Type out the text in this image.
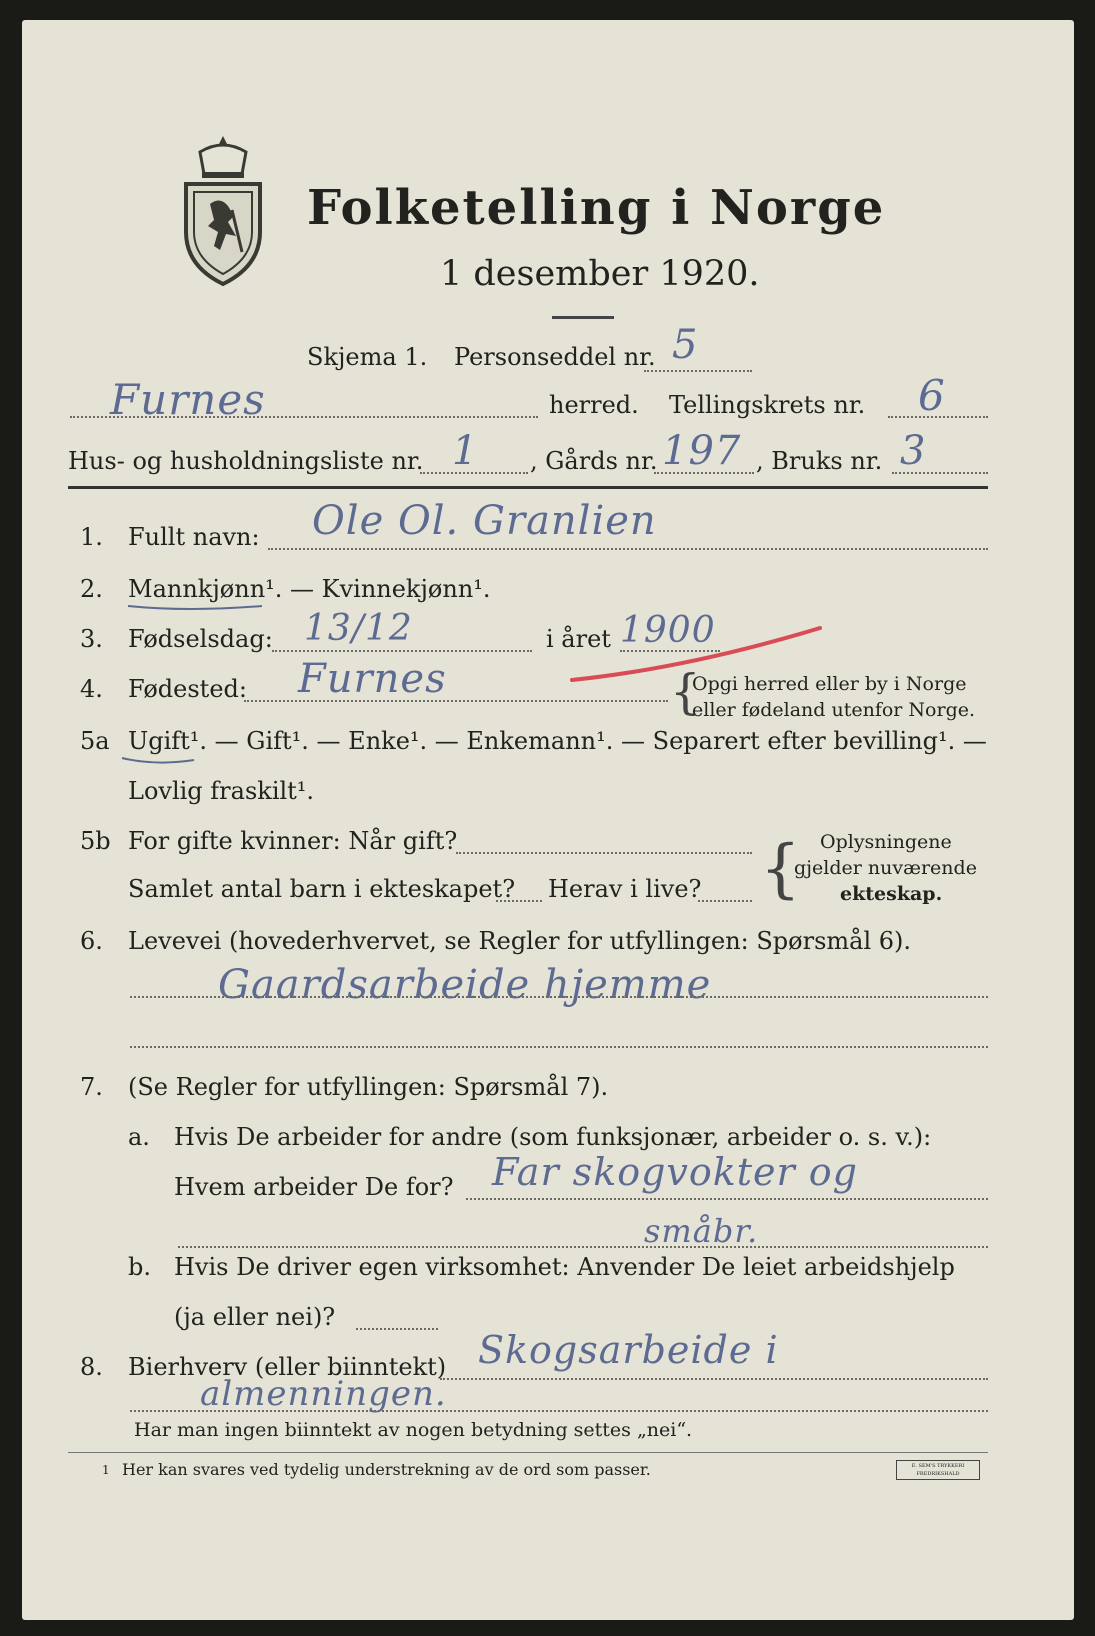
Folketelling i Norge
1 desember 1920.
Skjema 1. Personseddel nr. 5
Furnes	herred. Tellingskrets nr. 6
Hus- og husholdningsliste nr. 1 , Gårds nr. 197 , Bruks nr. 3
1. Fullt navn: Ole Ol. Granlien
2. Mannkjønn¹. — Kvinnekjønn¹.
3. Fødselsdag: 13/12	i året 1900
4. Fødested: Furnes	{
Opgi herred eller by i Norge
eller fødeland utenfor Norge.
5a Ugift¹. — Gift¹. — Enke¹. — Enkemann¹. — Separert efter bevilling¹. —
Lovlig fraskilt¹.
5b For gifte kvinner: Når gift?
Samlet antal barn i ekteskapet? Herav i live? { Oplysningene
gjelder nuværende
ekteskap.
6. Levevei (hovederhvervet, se Regler for utfyllingen: Spørsmål 6).
Gaardsarbeide hjemme
7. (Se Regler for utfyllingen: Spørsmål 7).
a. Hvis De arbeider for andre (som funksjonær, arbeider o. s. v.):
Hvem arbeider De for? Far skogvokter og
småbr.
b. Hvis De driver egen virksomhet: Anvender De leiet arbeidshjelp
(ja eller nei)?
8. Bierhverv (eller biinntekt) Skogsarbeide i
almenningen.
Har man ingen biinntekt av nogen betydning settes „nei“.
1 Her kan svares ved tydelig understrekning av de ord som passer.	E. SEM'S TRYKKERI FREDRIKSHALD
